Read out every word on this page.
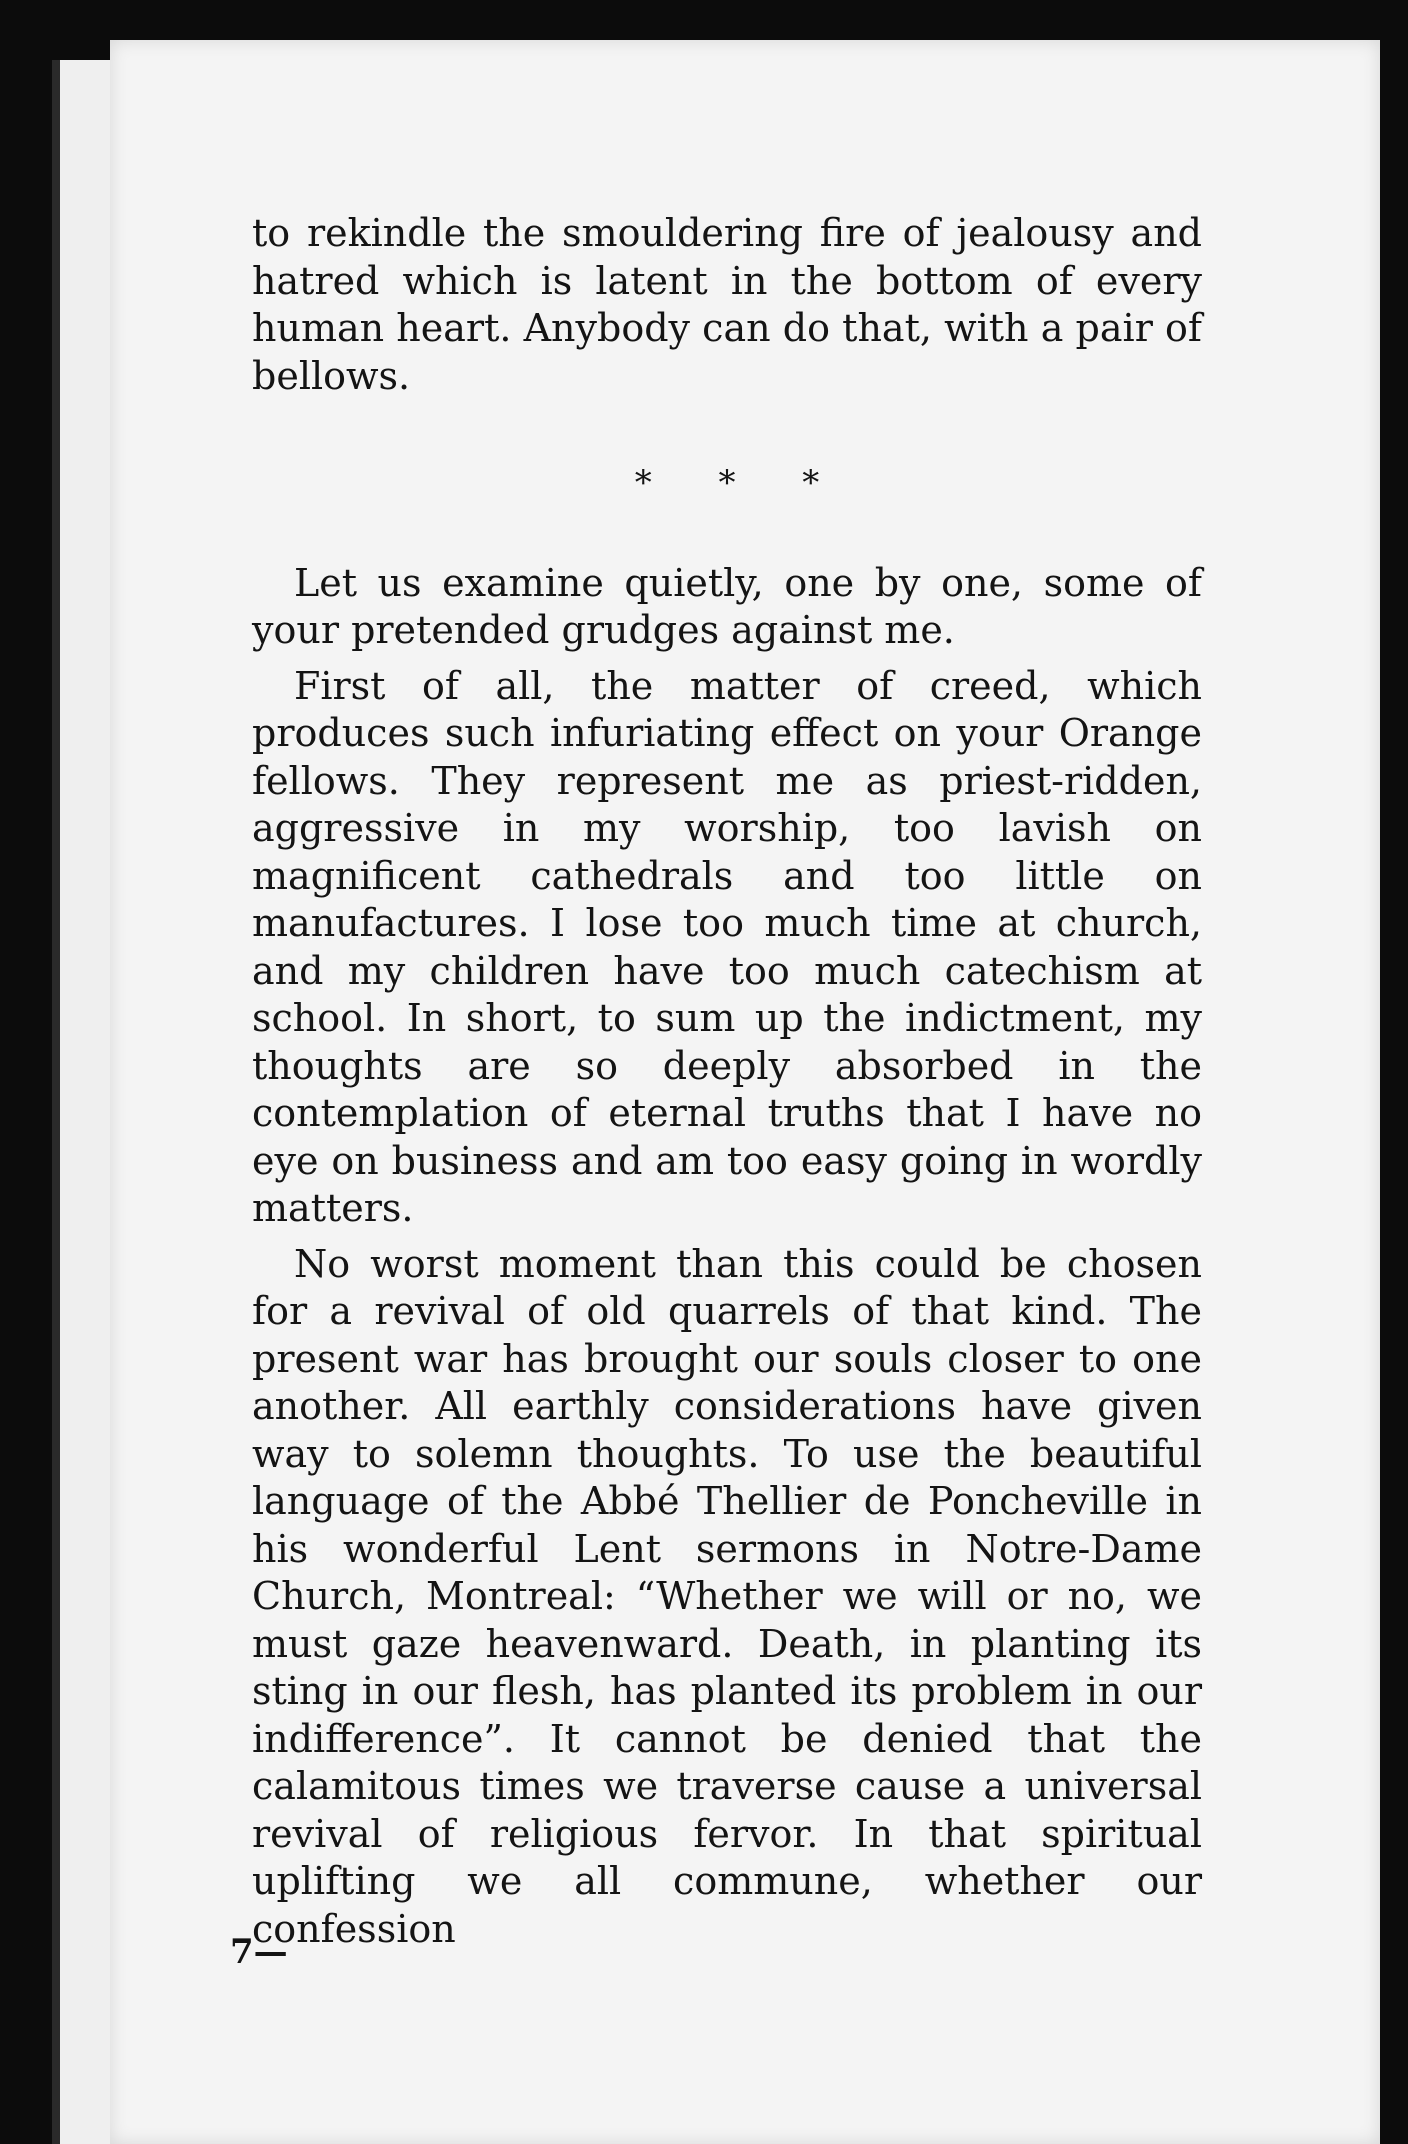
to rekindle the smouldering fire of jealousy and hatred which is latent in the bottom of every human heart. Anybody can do that, with a pair of bellows.

* * *

Let us examine quietly, one by one, some of your pretended grudges against me.

First of all, the matter of creed, which produces such infuriating effect on your Orange fellows. They represent me as priest-ridden, aggressive in my worship, too lavish on magnificent cathedrals and too little on manufactures. I lose too much time at church, and my children have too much catechism at school. In short, to sum up the indictment, my thoughts are so deeply absorbed in the contemplation of eternal truths that I have no eye on business and am too easy going in wordly matters.

No worst moment than this could be chosen for a revival of old quarrels of that kind. The present war has brought our souls closer to one another. All earthly considerations have given way to solemn thoughts. To use the beautiful language of the Abbé Thellier de Poncheville in his wonderful Lent sermons in Notre-Dame Church, Montreal: “Whether we will or no, we must gaze heavenward. Death, in planting its sting in our flesh, has planted its problem in our indifference”. It cannot be denied that the calamitous times we traverse cause a universal revival of religious fervor. In that spiritual uplifting we all commune, whether our confession

7—
